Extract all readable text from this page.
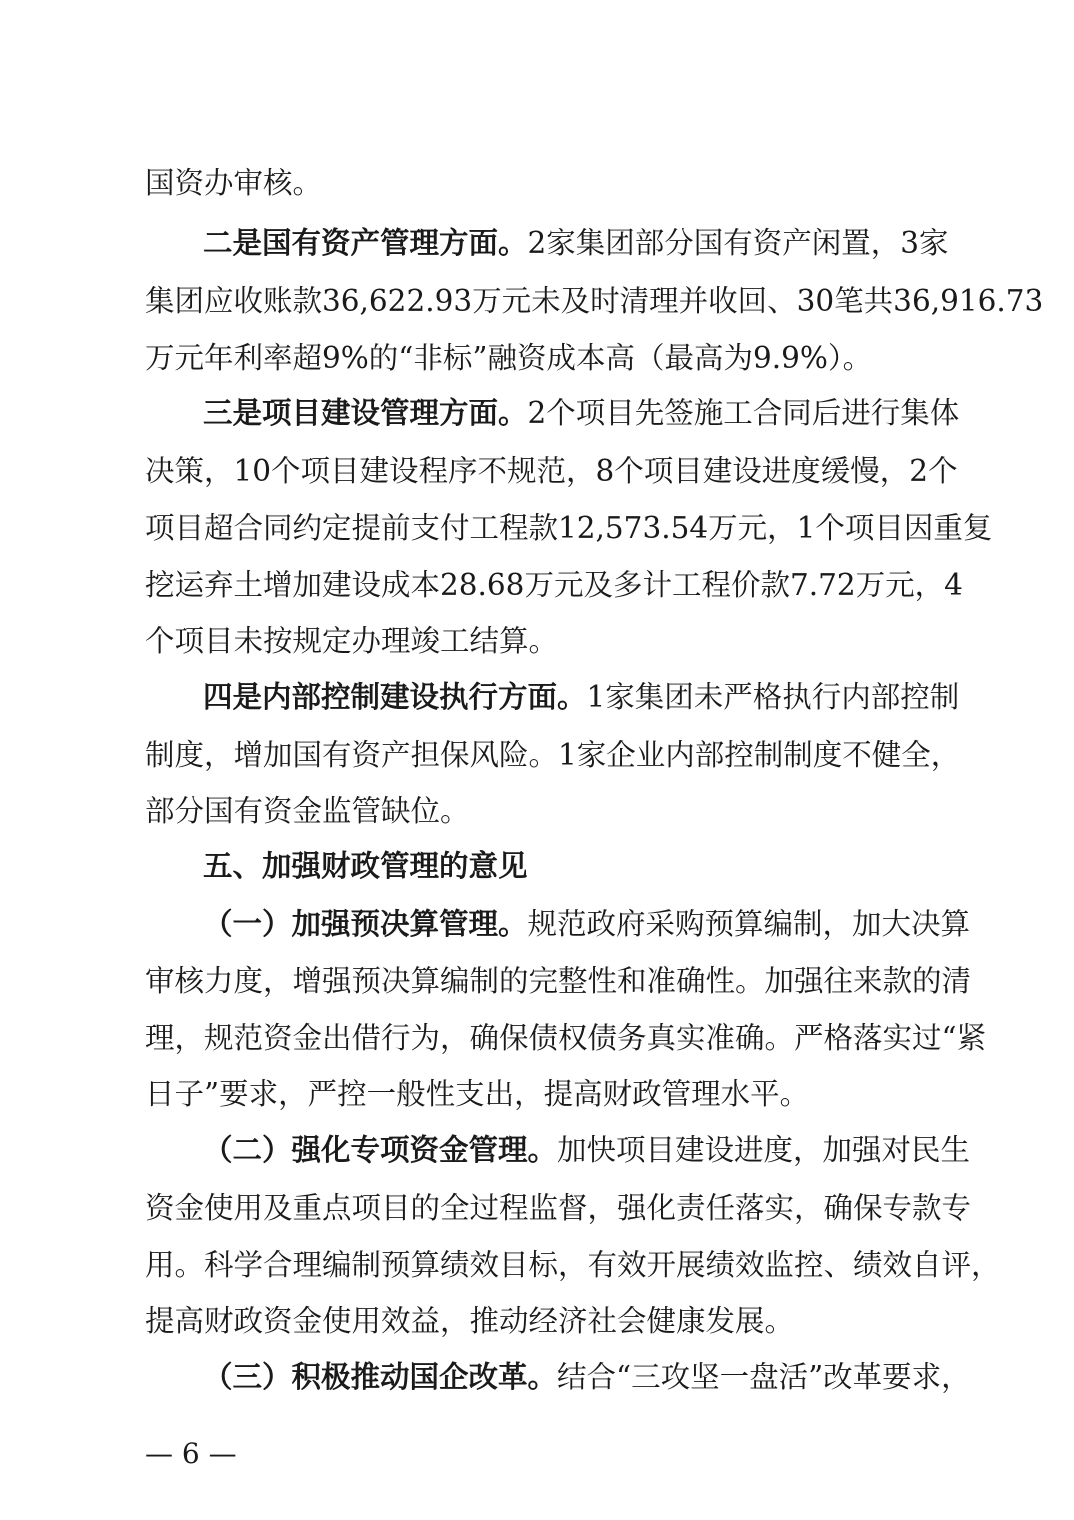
国资办审核。
二是国有资产管理方面。 2家集团部分国有资产闲置，3家
集团应收账款36,622.93万元未及时清理并收回、30笔共36,916.73
万元年利率超9%的“非标”融资成本高（最高为9.9%）。
三是项目建设管理方面。 2个项目先签施工合同后进行集体
决策，10个项目建设程序不规范，8个项目建设进度缓慢，2个
项目超合同约定提前支付工程款12,573.54万元，1个项目因重复
挖运弃土增加建设成本28.68万元及多计工程价款7.72万元，4
个项目未按规定办理竣工结算。
四是内部控制建设执行方面。 1家集团未严格执行内部控制
制度，增加国有资产担保风险。1家企业内部控制制度不健全，
部分国有资金监管缺位。
五、加强财政管理的意见
（一）加强预决算管理。 规范政府采购预算编制，加大决算
审核力度，增强预决算编制的完整性和准确性。加强往来款的清
理，规范资金出借行为，确保债权债务真实准确。严格落实过“紧
日子”要求，严控一般性支出，提高财政管理水平。
（二）强化专项资金管理。 加快项目建设进度，加强对民生
资金使用及重点项目的全过程监督，强化责任落实，确保专款专
用。科学合理编制预算绩效目标，有效开展绩效监控、绩效自评，
提高财政资金使用效益，推动经济社会健康发展。
（三）积极推动国企改革。 结合“三攻坚一盘活”改革要求，
— 6 —
